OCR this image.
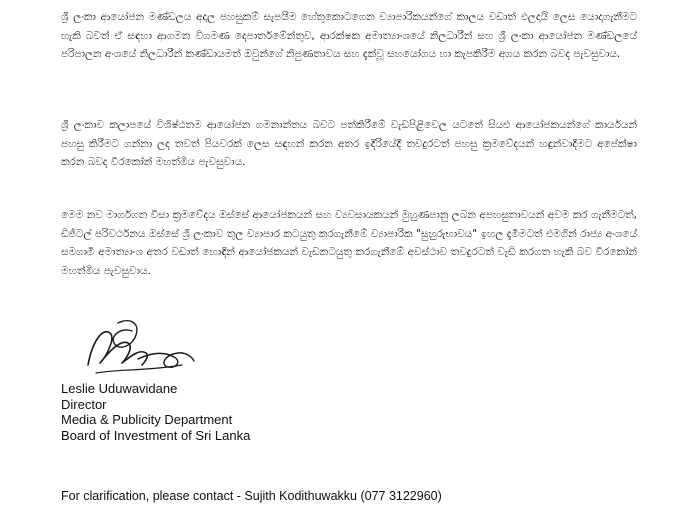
ශ්‍රී ලංකා ආයෝජන මණ්ඩලය අදාල පහසුකම් සැපයීම හේතුකොටගෙන ව්‍යාපාරිකයන්ගේ කාලය වඩාත් ඵලදායි ලෙස යොදාගැනීමට හැකි බවත් ඒ සඳහා ආගමන විගමණ දෙපාර්තමේන්තුව, ආරක්ෂක අමාත්‍යාංශයේ නිලධාරීන් සහ ශ්‍රී ලංකා ආයෝජන මණ්ඩලයේ පරිපාලන අංශයේ නිලධාරීන් කණ්ඩායමත් ඔවුන්ගේ නිපුණතාවය සහ දැක්වූ සහයෝගය හා කැපකිරීම අගය කරන බවද පැවසුවාය.

ශ්‍රී ලංකාව කලාපයේ විශිෂ්ඨතම ආයෝජන ගමනාන්තය බවට පත්කිරීමේ වැඩපිළිවෙල යටතේ සියළු ආයෝජකයන්ගේ කාර්යයන් පහසු කිරීමට ගන්නා ලද තවත් පියවරක් ලෙස සඳහන් කරන අතර ඉදිරියේදී තවදුරටත් පහසු ක්‍රමවේදයන් හඳුන්වාදීමට අපේක්ෂා කරන බවද වීරකෝන් මහත්මිය පැවසුවාය.

මෙම නව මාර්ගගත වීසා ක්‍රමවේදය ඔස්සේ ආයෝජකයන් සහ ව්‍යවසායකයන් මුහුණපානු ලබන අපහසුතාවයන් අවම කර ගැනීමටත්, ඩිජිටල් පරිවර්ථනය ඔස්සේ ශ්‍රී ලංකාව තුල ව්‍යාපාර කටයුතු කරගැනීමේ ව්‍යාපාරික "සුහුරුභාවය" ඉහල දැමීමටත් එමගින් රාජ්‍ය අංශයේ සමගාමී අමාත්‍යාංශ අතර වඩාත් හොඳින් ආයෝජකයන් වැඩකටයුතු කරගැනීමේ අවස්ථාව තවදුරටත් වැඩි කරගත හැකි බව වීරකෝන් මහත්මිය පැවසුවාය.

Leslie Uduwavidane
Director
Media & Publicity Department
Board of Investment of Sri Lanka
For clarification, please contact - Sujith Kodithuwakku (077 3122960)
